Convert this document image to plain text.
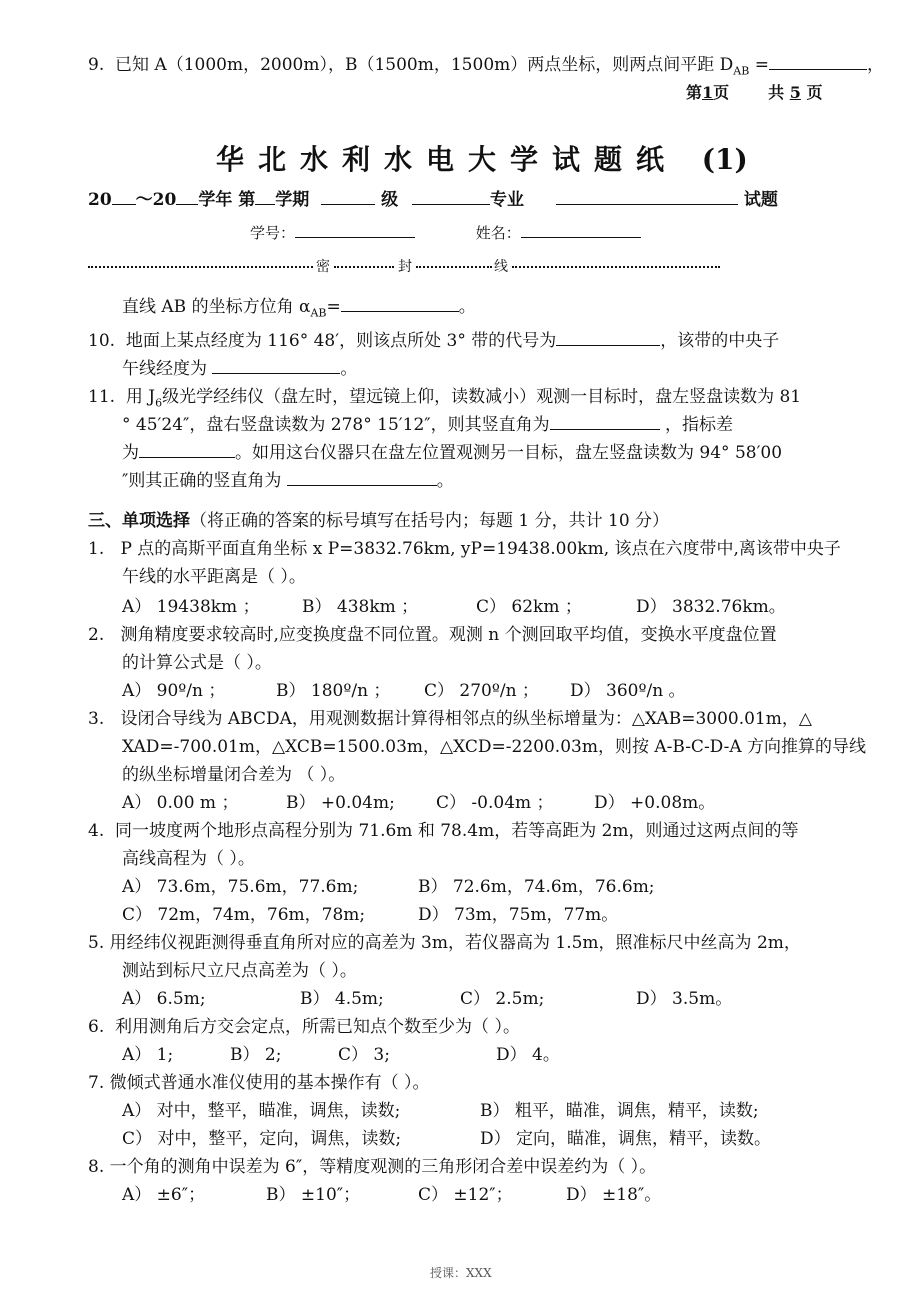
9. 已知 A（1000m，2000m），B（1500m，1500m）两点坐标，则两点间平距 $D_{AB}$ =	，
第1页 共 5 页
华北水利水电大学试题纸 (1)
20 ～20 学年 第 学期	级	专业	试题
学号：	姓名：
密	封	线
直线 AB 的坐标方位角 $\alpha_{AB}=$	。
10. 地面上某点经度为 116° 48′，则该点所处 3° 带的代号为	，该带的中央子
午线经度为	。
11. 用 $J_6$级光学经纬仪（盘左时，望远镜上仰，读数减小）观测一目标时，盘左竖盘读数为 81
° 45′24″，盘右竖盘读数为 278° 15′12″，则其竖直角为	，指标差
为	。如用这台仪器只在盘左位置观测另一目标，盘左竖盘读数为 94° 58′00
″则其正确的竖直角为	。
三、单项选择（将正确的答案的标号填写在括号内；每题 1 分，共计 10 分）
1. P 点的高斯平面直角坐标 x P=3832.76km, yP=19438.00km, 该点在六度带中,离该带中央子
午线的水平距离是（ ）。
A） 19438km ； B） 438km ；	C） 62km ；	D） 3832.76km。
2. 测角精度要求较高时,应变换度盘不同位置。观测 n 个测回取平均值，变换水平度盘位置
的计算公式是（ ）。
A） 90º/n ；	B） 180º/n ； C） 270º/n ； D） 360º/n 。
3. 设闭合导线为 ABCDA，用观测数据计算得相邻点的纵坐标增量为：△XAB=3000.01m，△
XAD=-700.01m，△XCB=1500.03m，△XCD=-2200.03m，则按 A-B-C-D-A 方向推算的导线
的纵坐标增量闭合差为 （ ）。
A） 0.00 m ；	B） +0.04m; C） -0.04m ； D） +0.08m。
4. 同一坡度两个地形点高程分别为 71.6m 和 78.4m，若等高距为 2m，则通过这两点间的等
高线高程为（ ）。
A） 73.6m，75.6m，77.6m;	B） 72.6m，74.6m，76.6m;
C） 72m，74m，76m，78m;	D） 73m，75m，77m。
5. 用经纬仪视距测得垂直角所对应的高差为 3m，若仪器高为 1.5m，照准标尺中丝高为 2m，
测站到标尺立尺点高差为（ ）。
A） 6.5m;	B） 4.5m;	C） 2.5m;	D） 3.5m。
6. 利用测角后方交会定点，所需已知点个数至少为（ ）。
A） 1;	B） 2;	C） 3;	D） 4。
7. 微倾式普通水准仪使用的基本操作有（ ）。
A） 对中，整平，瞄准，调焦，读数;	B） 粗平，瞄准，调焦，精平，读数;
C） 对中，整平，定向，调焦，读数;	D） 定向，瞄准，调焦，精平，读数。
8. 一个角的测角中误差为 6″，等精度观测的三角形闭合差中误差约为（ ）。
A） ±6″；	B） ±10″；	C） ±12″；	D） ±18″。
授课：XXX
